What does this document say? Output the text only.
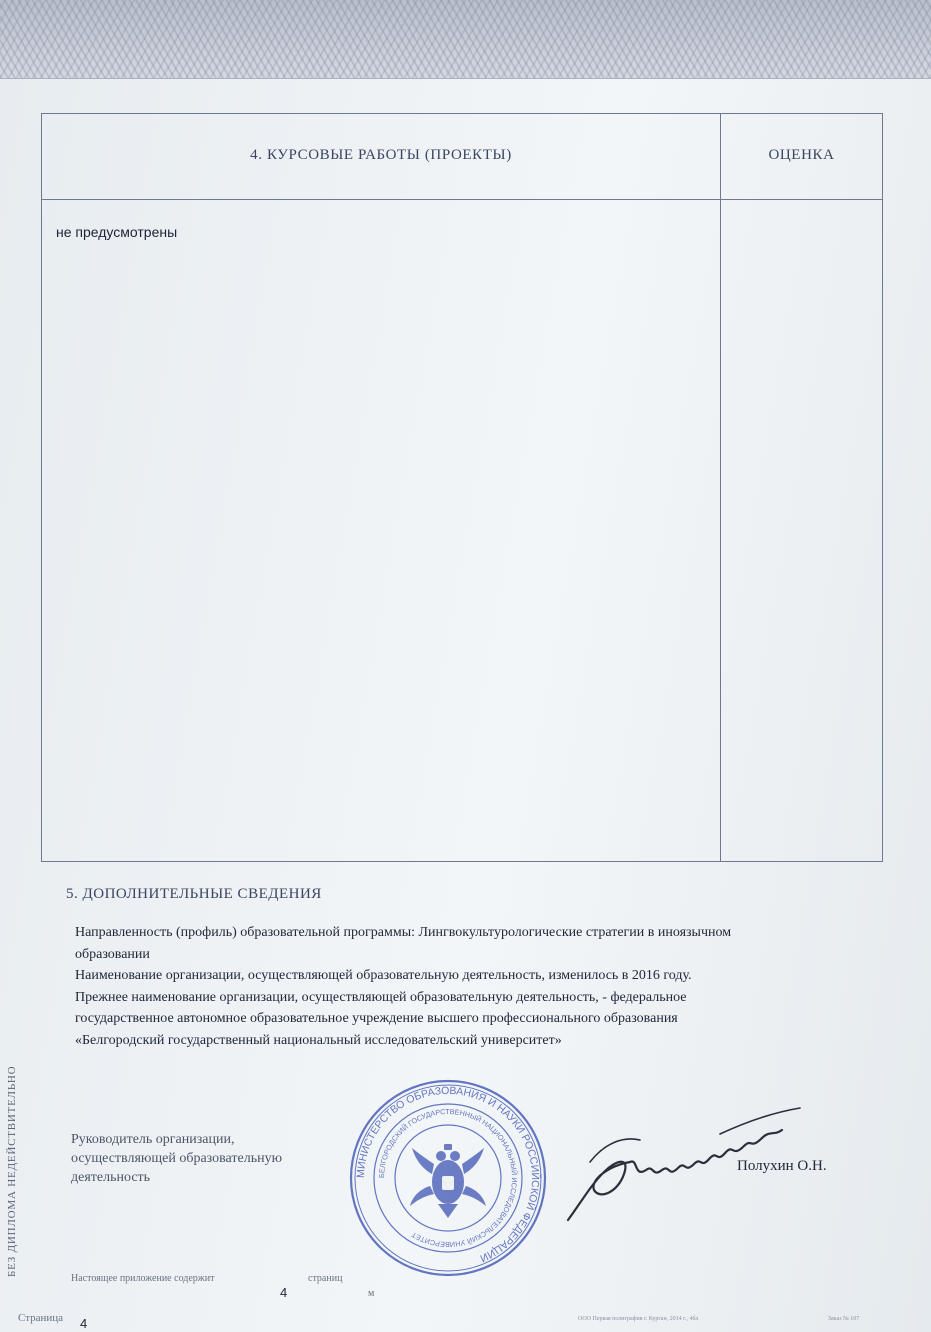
4. КУРСОВЫЕ РАБОТЫ (ПРОЕКТЫ)	ОЦЕНКА
не предусмотрены
5. ДОПОЛНИТЕЛЬНЫЕ СВЕДЕНИЯ
Направленность (профиль) образовательной программы: Лингвокультурологические стратегии в иноязычном
образовании
Наименование организации, осуществляющей образовательную деятельность, изменилось в 2016 году.
Прежнее наименование организации, осуществляющей образовательную деятельность, - федеральное
государственное автономное образовательное учреждение высшего профессионального образования
«Белгородский государственный национальный исследовательский университет»
БЕЗ ДИПЛОМА НЕДЕЙСТВИТЕЛЬНО	Руководитель организации,
осуществляющей образовательную
деятельность	МИНИСТЕРСТВО ОБРАЗОВАНИЯ И НАУКИ РОССИЙСКОЙ ФЕДЕРАЦИИ
БЕЛГОРОДСКИЙ ГОСУДАРСТВЕННЫЙ НАЦИОНАЛЬНЫЙ ИССЛЕДОВАТЕЛЬСКИЙ УНИВЕРСИТЕТ
Полухин О.Н.
Настоящее приложение содержит
4
страниц
м
Страница 4	ООО Первая полиграфия г. Курган, 2014 г., 4бл	Заказ № 107
